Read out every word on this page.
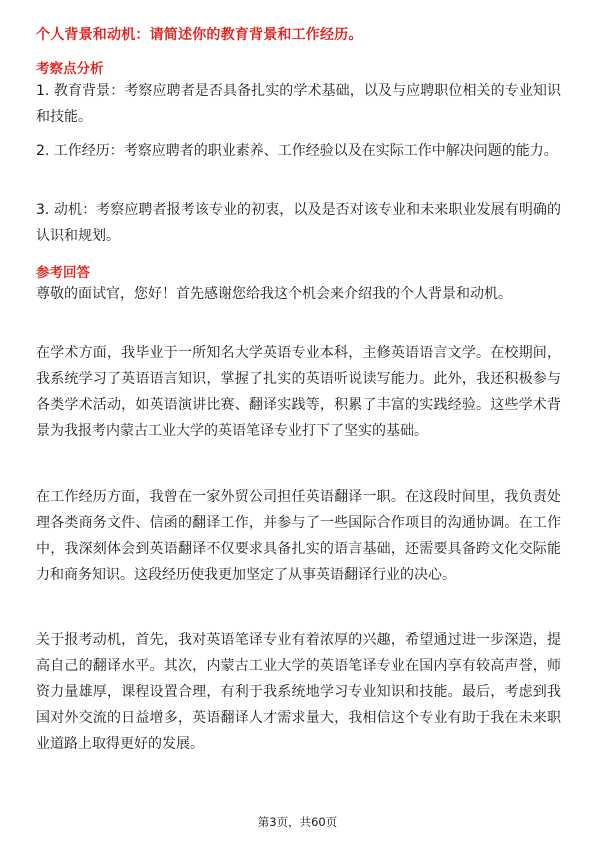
个人背景和动机：请简述你的教育背景和工作经历。
考察点分析

1. 教育背景：考察应聘者是否具备扎实的学术基础，以及与应聘职位相关的专业知识和技能。

2. 工作经历：考察应聘者的职业素养、工作经验以及在实际工作中解决问题的能力。

3. 动机：考察应聘者报考该专业的初衷，以及是否对该专业和未来职业发展有明确的认识和规划。

参考回答

尊敬的面试官，您好！首先感谢您给我这个机会来介绍我的个人背景和动机。

在学术方面，我毕业于一所知名大学英语专业本科，主修英语语言文学。在校期间，我系统学习了英语语言知识，掌握了扎实的英语听说读写能力。此外，我还积极参与各类学术活动，如英语演讲比赛、翻译实践等，积累了丰富的实践经验。这些学术背景为我报考内蒙古工业大学的英语笔译专业打下了坚实的基础。

在工作经历方面，我曾在一家外贸公司担任英语翻译一职。在这段时间里，我负责处理各类商务文件、信函的翻译工作，并参与了一些国际合作项目的沟通协调。在工作中，我深刻体会到英语翻译不仅要求具备扎实的语言基础，还需要具备跨文化交际能力和商务知识。这段经历使我更加坚定了从事英语翻译行业的决心。

关于报考动机，首先，我对英语笔译专业有着浓厚的兴趣，希望通过进一步深造，提高自己的翻译水平。其次，内蒙古工业大学的英语笔译专业在国内享有较高声誉，师资力量雄厚，课程设置合理，有利于我系统地学习专业知识和技能。最后，考虑到我国对外交流的日益增多，英语翻译人才需求量大，我相信这个专业有助于我在未来职业道路上取得更好的发展。

第3页，共60页
